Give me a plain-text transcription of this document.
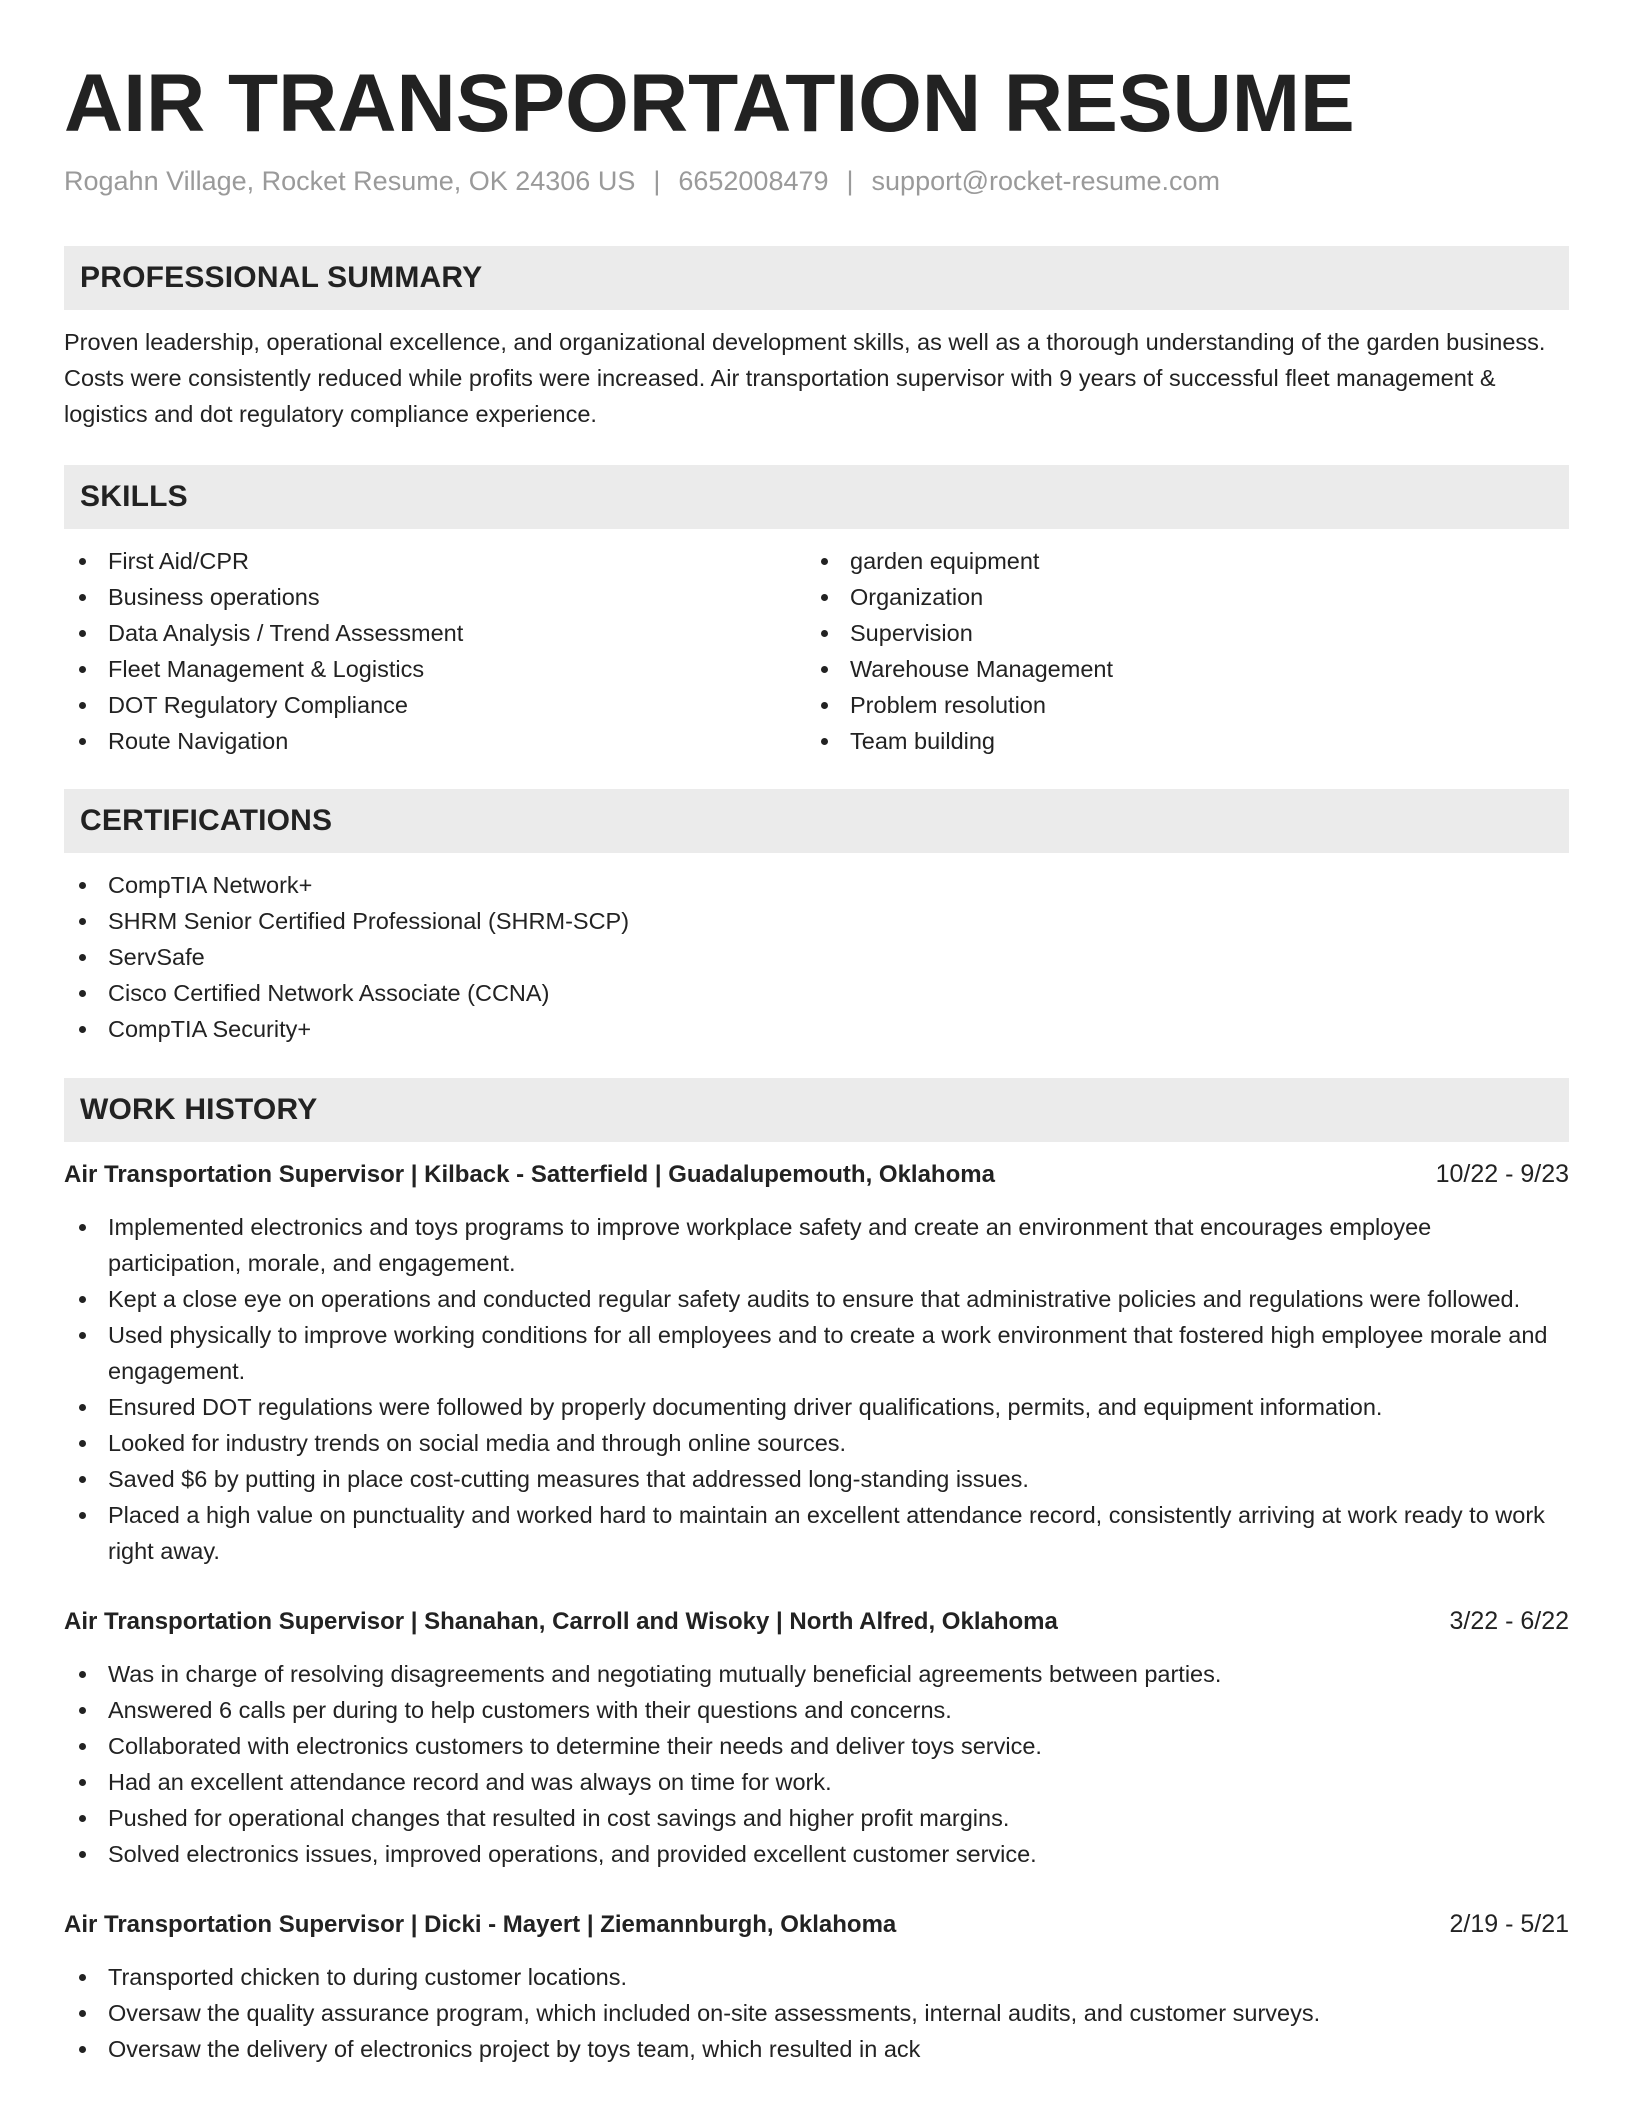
AIR TRANSPORTATION RESUME
Rogahn Village, Rocket Resume, OK 24306 US | 6652008479 | support@rocket-resume.com
PROFESSIONAL SUMMARY

Proven leadership, operational excellence, and organizational development skills, as well as a thorough understanding of the garden business. Costs were consistently reduced while profits were increased. Air transportation supervisor with 9 years of successful fleet management & logistics and dot regulatory compliance experience.

SKILLS
First Aid/CPR
Business operations
Data Analysis / Trend Assessment
Fleet Management & Logistics
DOT Regulatory Compliance
Route Navigation
garden equipment
Organization
Supervision
Warehouse Management
Problem resolution
Team building
CERTIFICATIONS
CompTIA Network+
SHRM Senior Certified Professional (SHRM-SCP)
ServSafe
Cisco Certified Network Associate (CCNA)
CompTIA Security+
WORK HISTORY
Air Transportation Supervisor | Kilback - Satterfield | Guadalupemouth, Oklahoma	10/22 - 9/23
Implemented electronics and toys programs to improve workplace safety and create an environment that encourages employee participation, morale, and engagement.
Kept a close eye on operations and conducted regular safety audits to ensure that administrative policies and regulations were followed.
Used physically to improve working conditions for all employees and to create a work environment that fostered high employee morale and engagement.
Ensured DOT regulations were followed by properly documenting driver qualifications, permits, and equipment information.
Looked for industry trends on social media and through online sources.
Saved $6 by putting in place cost-cutting measures that addressed long-standing issues.
Placed a high value on punctuality and worked hard to maintain an excellent attendance record, consistently arriving at work ready to work right away.
Air Transportation Supervisor | Shanahan, Carroll and Wisoky | North Alfred, Oklahoma	3/22 - 6/22
Was in charge of resolving disagreements and negotiating mutually beneficial agreements between parties.
Answered 6 calls per during to help customers with their questions and concerns.
Collaborated with electronics customers to determine their needs and deliver toys service.
Had an excellent attendance record and was always on time for work.
Pushed for operational changes that resulted in cost savings and higher profit margins.
Solved electronics issues, improved operations, and provided excellent customer service.
Air Transportation Supervisor | Dicki - Mayert | Ziemannburgh, Oklahoma	2/19 - 5/21
Transported chicken to during customer locations.
Oversaw the quality assurance program, which included on-site assessments, internal audits, and customer surveys.
Oversaw the delivery of electronics project by toys team, which resulted in ack
